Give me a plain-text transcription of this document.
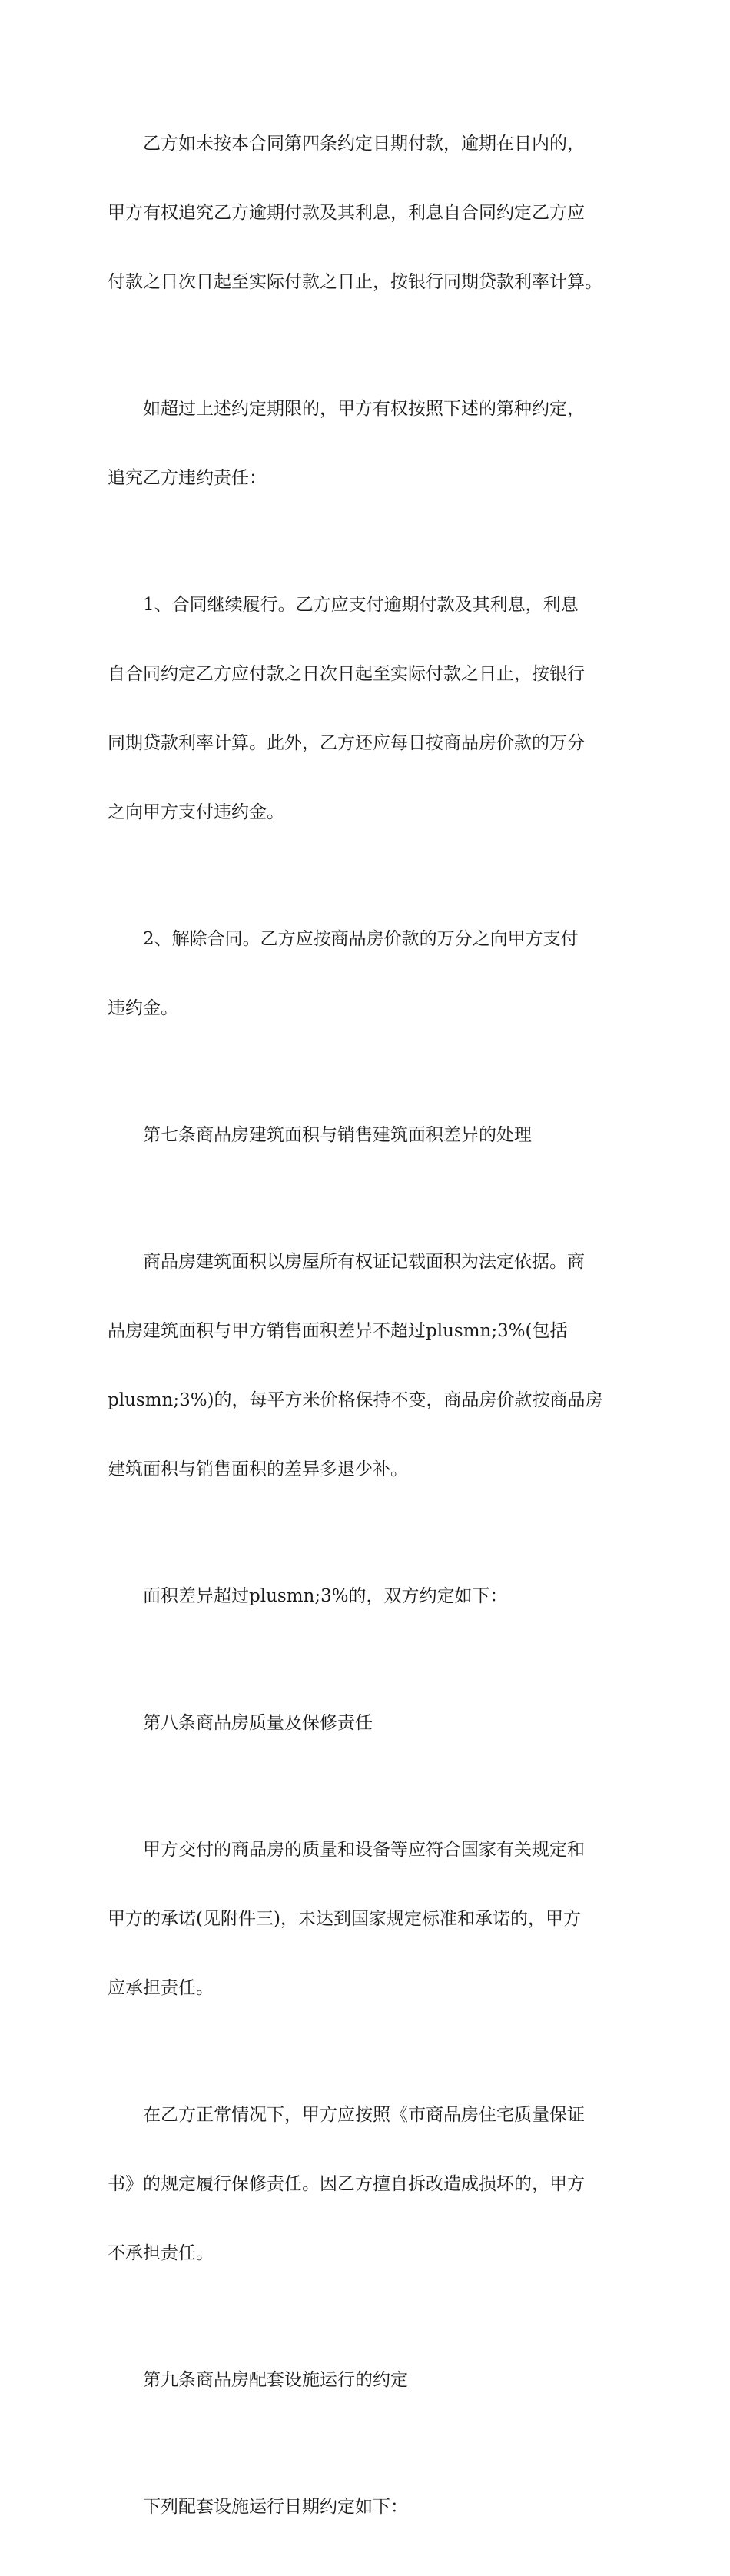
乙方如未按本合同第四条约定日期付款，逾期在日内的，

甲方有权追究乙方逾期付款及其利息，利息自合同约定乙方应

付款之日次日起至实际付款之日止，按银行同期贷款利率计算。

如超过上述约定期限的，甲方有权按照下述的第种约定，

追究乙方违约责任：

1、合同继续履行。乙方应支付逾期付款及其利息，利息

自合同约定乙方应付款之日次日起至实际付款之日止，按银行

同期贷款利率计算。此外，乙方还应每日按商品房价款的万分

之向甲方支付违约金。

2、解除合同。乙方应按商品房价款的万分之向甲方支付

违约金。

第七条商品房建筑面积与销售建筑面积差异的处理

商品房建筑面积以房屋所有权证记载面积为法定依据。商

品房建筑面积与甲方销售面积差异不超过plusmn;3%(包括

plusmn;3%)的，每平方米价格保持不变，商品房价款按商品房

建筑面积与销售面积的差异多退少补。

面积差异超过plusmn;3%的，双方约定如下：

第八条商品房质量及保修责任

甲方交付的商品房的质量和设备等应符合国家有关规定和

甲方的承诺(见附件三)，未达到国家规定标准和承诺的，甲方

应承担责任。

在乙方正常情况下，甲方应按照《市商品房住宅质量保证

书》的规定履行保修责任。因乙方擅自拆改造成损坏的，甲方

不承担责任。

第九条商品房配套设施运行的约定

下列配套设施运行日期约定如下：
